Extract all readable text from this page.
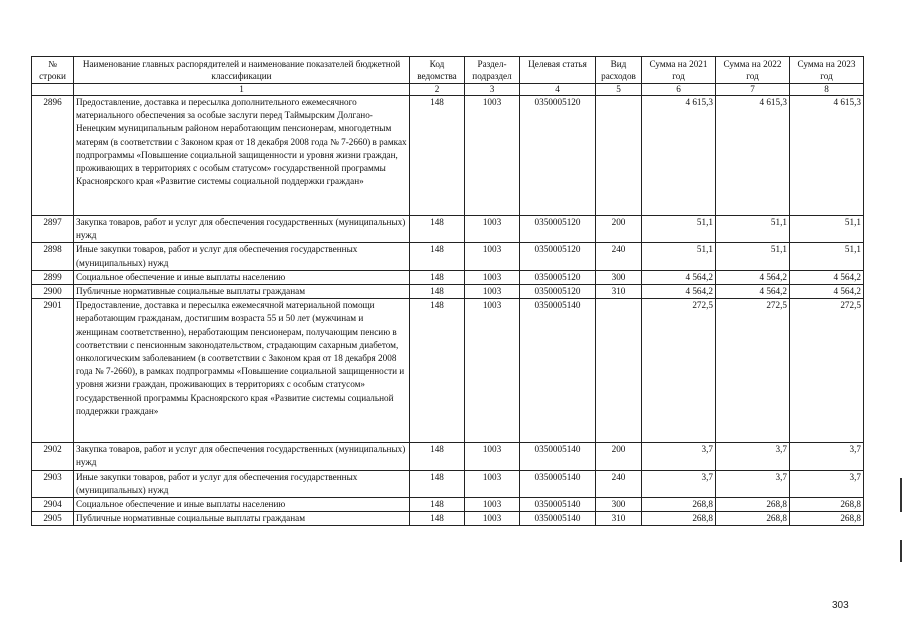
№ строки	Наименование главных распорядителей и наименование показателей бюджетной классификации	Код ведомства	Раздел-подраздел	Целевая статья	Вид расходов	Сумма на 2021 год	Сумма на 2022 год	Сумма на 2023 год
	1	2	3	4	5	6	7	8
2896	Предоставление, доставка и пересылка дополнительного ежемесячного материального обеспечения за особые заслуги перед Таймырским Долгано-Ненецким муниципальным районом неработающим пенсионерам, многодетным матерям (в соответствии с Законом края от 18 декабря 2008 года № 7-2660) в рамках подпрограммы «Повышение социальной защищенности и уровня жизни граждан, проживающих в территориях с особым статусом» государственной программы Красноярского края «Развитие системы социальной поддержки граждан»	148	1003	0350005120		4 615,3	4 615,3	4 615,3
2897	Закупка товаров, работ и услуг для обеспечения государственных (муниципальных) нужд	148	1003	0350005120	200	51,1	51,1	51,1
2898	Иные закупки товаров, работ и услуг для обеспечения государственных (муниципальных) нужд	148	1003	0350005120	240	51,1	51,1	51,1
2899	Социальное обеспечение и иные выплаты населению	148	1003	0350005120	300	4 564,2	4 564,2	4 564,2
2900	Публичные нормативные социальные выплаты гражданам	148	1003	0350005120	310	4 564,2	4 564,2	4 564,2
2901	Предоставление, доставка и пересылка ежемесячной материальной помощи неработающим гражданам, достигшим возраста 55 и 50 лет (мужчинам и женщинам соответственно), неработающим пенсионерам, получающим пенсию в соответствии с пенсионным законодательством, страдающим сахарным диабетом, онкологическим заболеванием (в соответствии с Законом края от 18 декабря 2008 года № 7-2660), в рамках подпрограммы «Повышение социальной защищенности и уровня жизни граждан, проживающих в территориях с особым статусом» государственной программы Красноярского края «Развитие системы социальной поддержки граждан»	148	1003	0350005140		272,5	272,5	272,5
2902	Закупка товаров, работ и услуг для обеспечения государственных (муниципальных) нужд	148	1003	0350005140	200	3,7	3,7	3,7
2903	Иные закупки товаров, работ и услуг для обеспечения государственных (муниципальных) нужд	148	1003	0350005140	240	3,7	3,7	3,7
2904	Социальное обеспечение и иные выплаты населению	148	1003	0350005140	300	268,8	268,8	268,8
2905	Публичные нормативные социальные выплаты гражданам	148	1003	0350005140	310	268,8	268,8	268,8
303
